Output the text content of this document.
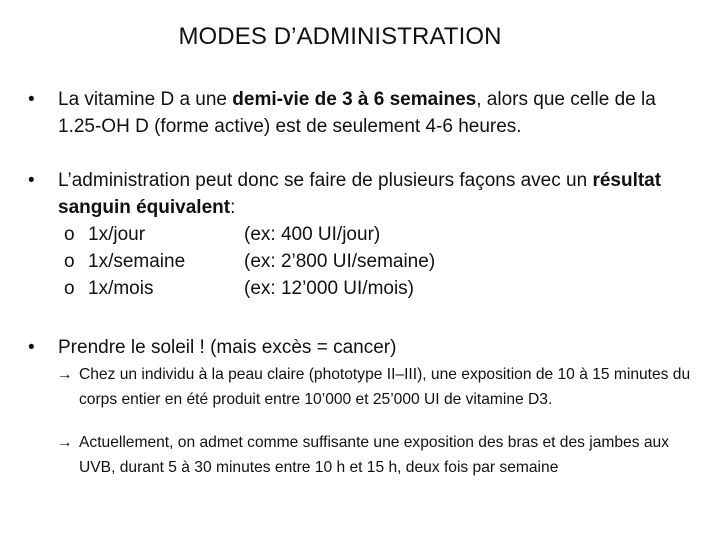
MODES D’ADMINISTRATION
•	La vitamine D a une demi-vie de 3 à 6 semaines, alors que celle de la 1.25-OH D (forme active) est de seulement 4-6 heures.
•	L’administration peut donc se faire de plusieurs façons avec un résultat sanguin équivalent:
o 1x/jour	(ex: 400 UI/jour)
o 1x/semaine	(ex: 2’800 UI/semaine)
o 1x/mois	(ex: 12’000 UI/mois)
•	Prendre le soleil ! (mais excès = cancer)
→ Chez un individu à la peau claire (phototype II–III), une exposition de 10 à 15 minutes du corps entier en été produit entre 10’000 et 25’000 UI de vitamine D3.
→ Actuellement, on admet comme suffisante une exposition des bras et des jambes aux UVB, durant 5 à 30 minutes entre 10 h et 15 h, deux fois par semaine
